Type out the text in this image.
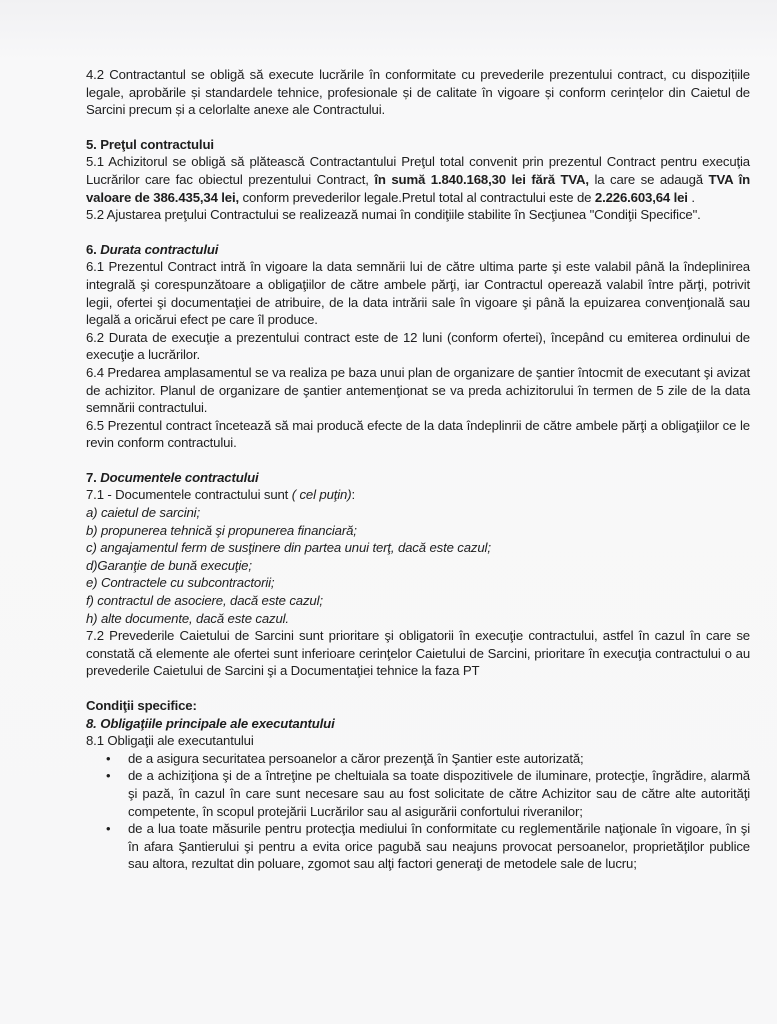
4.2 Contractantul se obligă să execute lucrările în conformitate cu prevederile prezentului contract, cu dispozițiile legale, aprobările și standardele tehnice, profesionale și de calitate în vigoare și conform cerințelor din Caietul de Sarcini precum și a celorlalte anexe ale Contractului.

5. Preţul contractului

5.1 Achizitorul se obligă să plătească Contractantului Preţul total convenit prin prezentul Contract pentru execuţia Lucrărilor care fac obiectul prezentului Contract, în sumă 1.840.168,30 lei fără TVA, la care se adaugă TVA în valoare de 386.435,34 lei, conform prevederilor legale.Pretul total al contractului este de 2.226.603,64 lei .

5.2 Ajustarea preţului Contractului se realizează numai în condiţiile stabilite în Secţiunea "Condiţii Specifice".

6. Durata contractului

6.1 Prezentul Contract intră în vigoare la data semnării lui de către ultima parte şi este valabil până la îndeplinirea integrală şi corespunzătoare a obligaţiilor de către ambele părţi, iar Contractul operează valabil între părţi, potrivit legii, ofertei şi documentaţiei de atribuire, de la data intrării sale în vigoare şi până la epuizarea convenţională sau legală a oricărui efect pe care îl produce.

6.2 Durata de execuţie a prezentului contract este de 12 luni (conform ofertei), începând cu emiterea ordinului de execuţie a lucrărilor.

6.4 Predarea amplasamentul se va realiza pe baza unui plan de organizare de şantier întocmit de executant şi avizat de achizitor. Planul de organizare de şantier antemenţionat se va preda achizitorului în termen de 5 zile de la data semnării contractului.

6.5 Prezentul contract încetează să mai producă efecte de la data îndeplinrii de către ambele părţi a obligaţiilor ce le revin conform contractului.

7. Documentele contractului

7.1 - Documentele contractului sunt ( cel puţin):

a) caietul de sarcini;

b) propunerea tehnică şi propunerea financiară;

c) angajamentul ferm de susţinere din partea unui terţ, dacă este cazul;

d)Garanţie de bună execuţie;

e) Contractele cu subcontractorii;

f) contractul de asociere, dacă este cazul;

h) alte documente, dacă este cazul.

7.2 Prevederile Caietului de Sarcini sunt prioritare şi obligatorii în execuţie contractului, astfel în cazul în care se constată că elemente ale ofertei sunt inferioare cerinţelor Caietului de Sarcini, prioritare în execuţia contractului o au prevederile Caietului de Sarcini şi a Documentaţiei tehnice la faza PT

Condiţii specifice:

8. Obligaţiile principale ale executantului

8.1 Obligaţii ale executantului

• de a asigura securitatea persoanelor a căror prezenţă în Şantier este autorizată;
• de a achiziţiona şi de a întreţine pe cheltuiala sa toate dispozitivele de iluminare, protecţie, îngrădire, alarmă şi pază, în cazul în care sunt necesare sau au fost solicitate de către Achizitor sau de către alte autorităţi competente, în scopul protejării Lucrărilor sau al asigurării confortului riveranilor;
• de a lua toate măsurile pentru protecţia mediului în conformitate cu reglementările naţionale în vigoare, în şi în afara Şantierului şi pentru a evita orice pagubă sau neajuns provocat persoanelor, proprietăţilor publice sau altora, rezultat din poluare, zgomot sau alţi factori generaţi de metodele sale de lucru;
